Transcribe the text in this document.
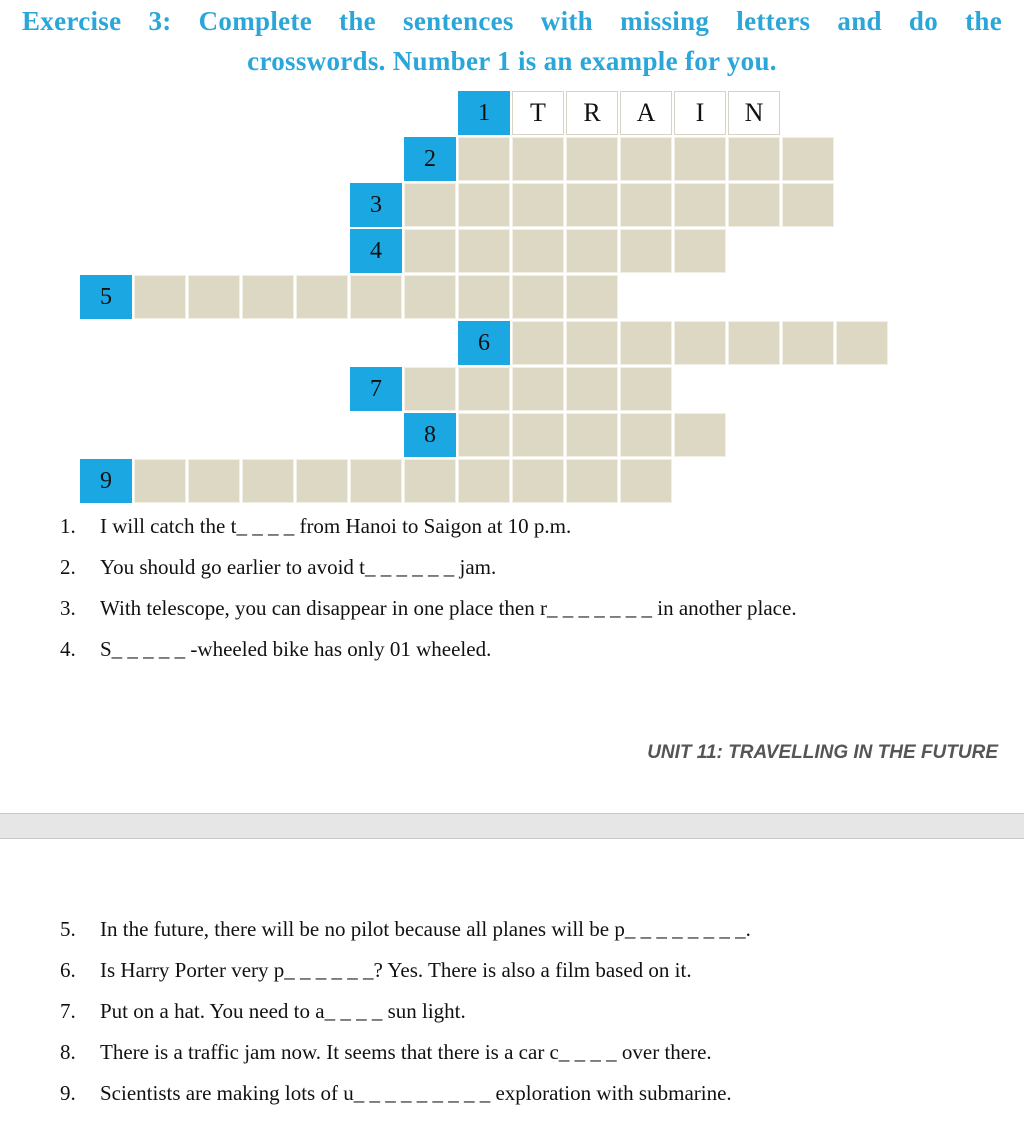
Exercise 3: Complete the sentences with missing letters and do the
crosswords. Number 1 is an example for you.
1	T	R	A	I	N
2
3
4
5
6
7
8
9
1. I will catch the t_ _ _ _ from Hanoi to Saigon at 10 p.m.
2. You should go earlier to avoid t_ _ _ _ _ _ jam.
3. With telescope, you can disappear in one place then r_ _ _ _ _ _ _ in another place.
4. S_ _ _ _ _ -wheeled bike has only 01 wheeled.
UNIT 11: TRAVELLING IN THE FUTURE
5. In the future, there will be no pilot because all planes will be p_ _ _ _ _ _ _ _.
6. Is Harry Porter very p_ _ _ _ _ _? Yes. There is also a film based on it.
7. Put on a hat. You need to a_ _ _ _ sun light.
8. There is a traffic jam now. It seems that there is a car c_ _ _ _ over there.
9. Scientists are making lots of u_ _ _ _ _ _ _ _ _ exploration with submarine.
